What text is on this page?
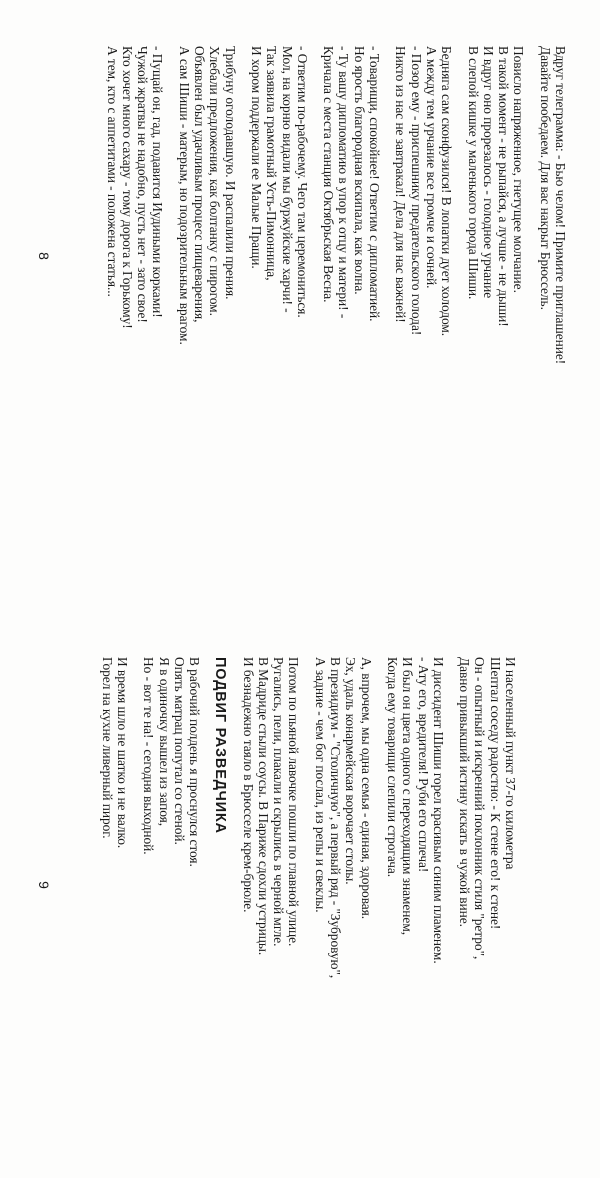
Вдруг телеграмма: - Бью челом! Примите приглашение!
Давайте пообедаем. Для вас накрыт Брюссель.
Повисло напряженное, гнетущее молчание.
В такой момент - не рыпайся, а лучше - не дыши!
И вдруг оно прорезалось - голодное урчание
В слепой кишке у маленького города Шиши.
Бедняга сам сконфузился! В лопатки дует холодом.
А между тем урчание все громче и сочней.
- Позор ему - приспешнику предательского голода!
Никто из нас не завтракал! Дела для нас важней!
- Товарищи, спокойнее! Ответим с дипломатией.
Но ярость благородная вскипала, как волна.
- Ту вашу дипломатию в упор к отцу и матери! -
Кричала с места станция Октябрьская Весна.
- Ответим по-рабочему. Чего там церемониться.
Мол, на корню видали мы буржуйские харчи! -
Так заявила грамотный Усть-Пимонница,
И хором поддержали ее Малые Пращи.
Трибуну оголодавшую. И распалили прения.
Хлебали предложения, как болтанку с пирогом.
Объявлен был удачливым процесс пищеварения,
А сам Шиши - матерым, но подозрительным врагом.
- Пущай он, гад, подавится Иудиными корками!
Чужой жратвы не надобно, пусть нет - зато свое!
Кто хочет много сахару - тому дорога к Горькому!
А тем, кто с аппетитами - положена статья...
8
И населенный пункт 37-го километра
Шептал соседу радостно: - К стене его! к стене!
Он - опытный и искренний поклонник стиля "ретро",
Давно привыкший истину искать в чужой вине.
И диссидент Шиши горел красивым синим пламенем.
- Ату его, вредителя! Руби его сплеча!
И был он цвета одного с переходящим знаменем,
Когда ему товарищи слепили строгача.
А, впрочем, мы одна семья - единая, здоровая.
Эх, удаль конармейская ворочает столы.
В президиум - "Столичную", а первый ряд - "Зубровую",
А задние - чем бог послал, из репы и свеклы.
Потом по пьяной лавочке пошли по главной улице.
Ругались, пели, плакали и скрылись в черной мгле.
В Мадриде стыли соусы. В Париже сдохли устрицы.
И безнадежно таяло в Брюсселе крем-брюле.
ПОДВИГ РАЗВЕДЧИКА
В рабочий полдень я проснулся стоя.
Опять матрац попутал со стеной.
Я в одиночку вышел из запоя,
Но - вот те на! - сегодня выходной.
И время шло не шатко и не валко.
Горел на кухне ливерный пирог.
9
